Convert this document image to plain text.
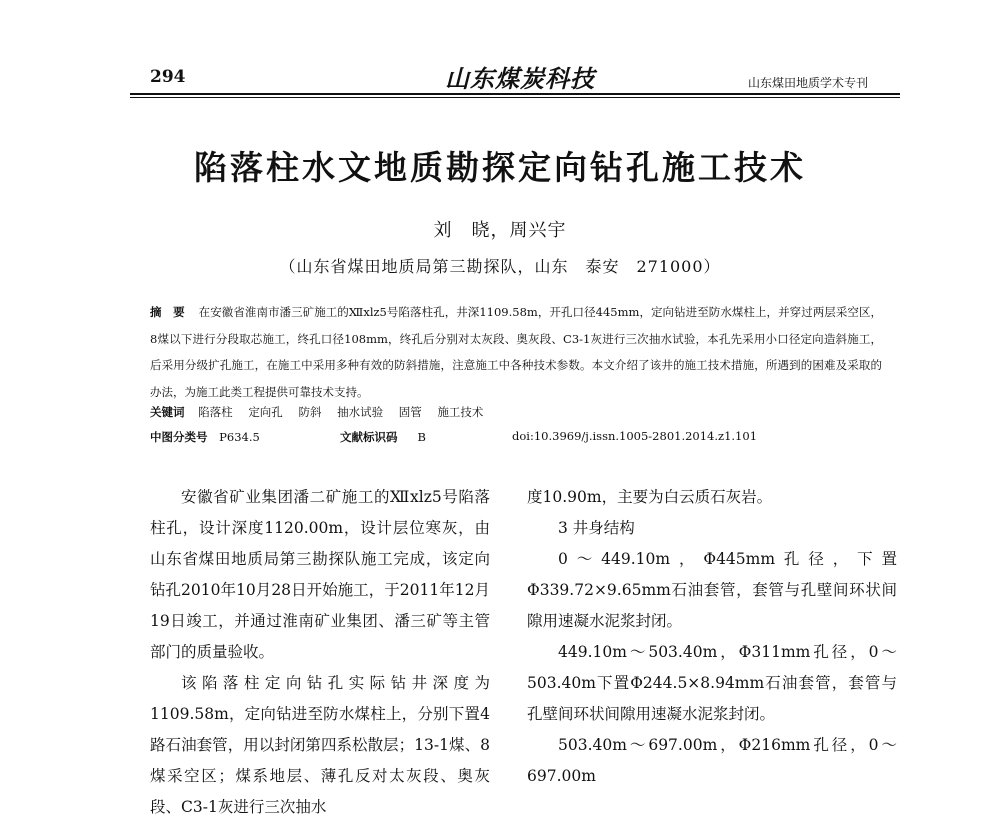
294	山东煤炭科技	山东煤田地质学术专刊
陷落柱水文地质勘探定向钻孔施工技术
刘　晓，周兴宇
（山东省煤田地质局第三勘探队，山东　泰安　271000）
摘　要 在安徽省淮南市潘三矿施工的Ⅻxlz5号陷落柱孔，井深1109.58m，开孔口径445mm，定向钻进至防水煤柱上，并穿过两层采空区，8煤以下进行分段取芯施工，终孔口径108mm，终孔后分别对太灰段、奥灰段、C3-1灰进行三次抽水试验，本孔先采用小口径定向造斜施工，后采用分级扩孔施工，在施工中采用多种有效的防斜措施，注意施工中各种技术参数。本文介绍了该井的施工技术措施，所遇到的困难及采取的办法，为施工此类工程提供可靠技术支持。
关键词 陷落柱 定向孔 防斜 抽水试验 固管 施工技术
中图分类号 P634.5	文献标识码 B	doi:10.3969/j.issn.1005-2801.2014.z1.101

安徽省矿业集团潘二矿施工的Ⅻxlz5号陷落柱孔，设计深度1120.00m，设计层位寒灰，由山东省煤田地质局第三勘探队施工完成，该定向钻孔2010年10月28日开始施工，于2011年12月19日竣工，并通过淮南矿业集团、潘三矿等主管部门的质量验收。

该陷落柱定向钻孔实际钻井深度为1109.58m，定向钻进至防水煤柱上，分别下置4路石油套管，用以封闭第四系松散层；13-1煤、8煤采空区；煤系地层、薄孔反对太灰段、奥灰段、C3-1灰进行三次抽水

度10.90m，主要为白云质石灰岩。

3 井身结构

0～449.10m，Φ445mm孔径，下置Φ339.72×9.65mm石油套管，套管与孔壁间环状间隙用速凝水泥浆封闭。

449.10m～503.40m，Φ311mm孔径，0～503.40m下置Φ244.5×8.94mm石油套管，套管与孔壁间环状间隙用速凝水泥浆封闭。

503.40m～697.00m，Φ216mm孔径，0～697.00m
